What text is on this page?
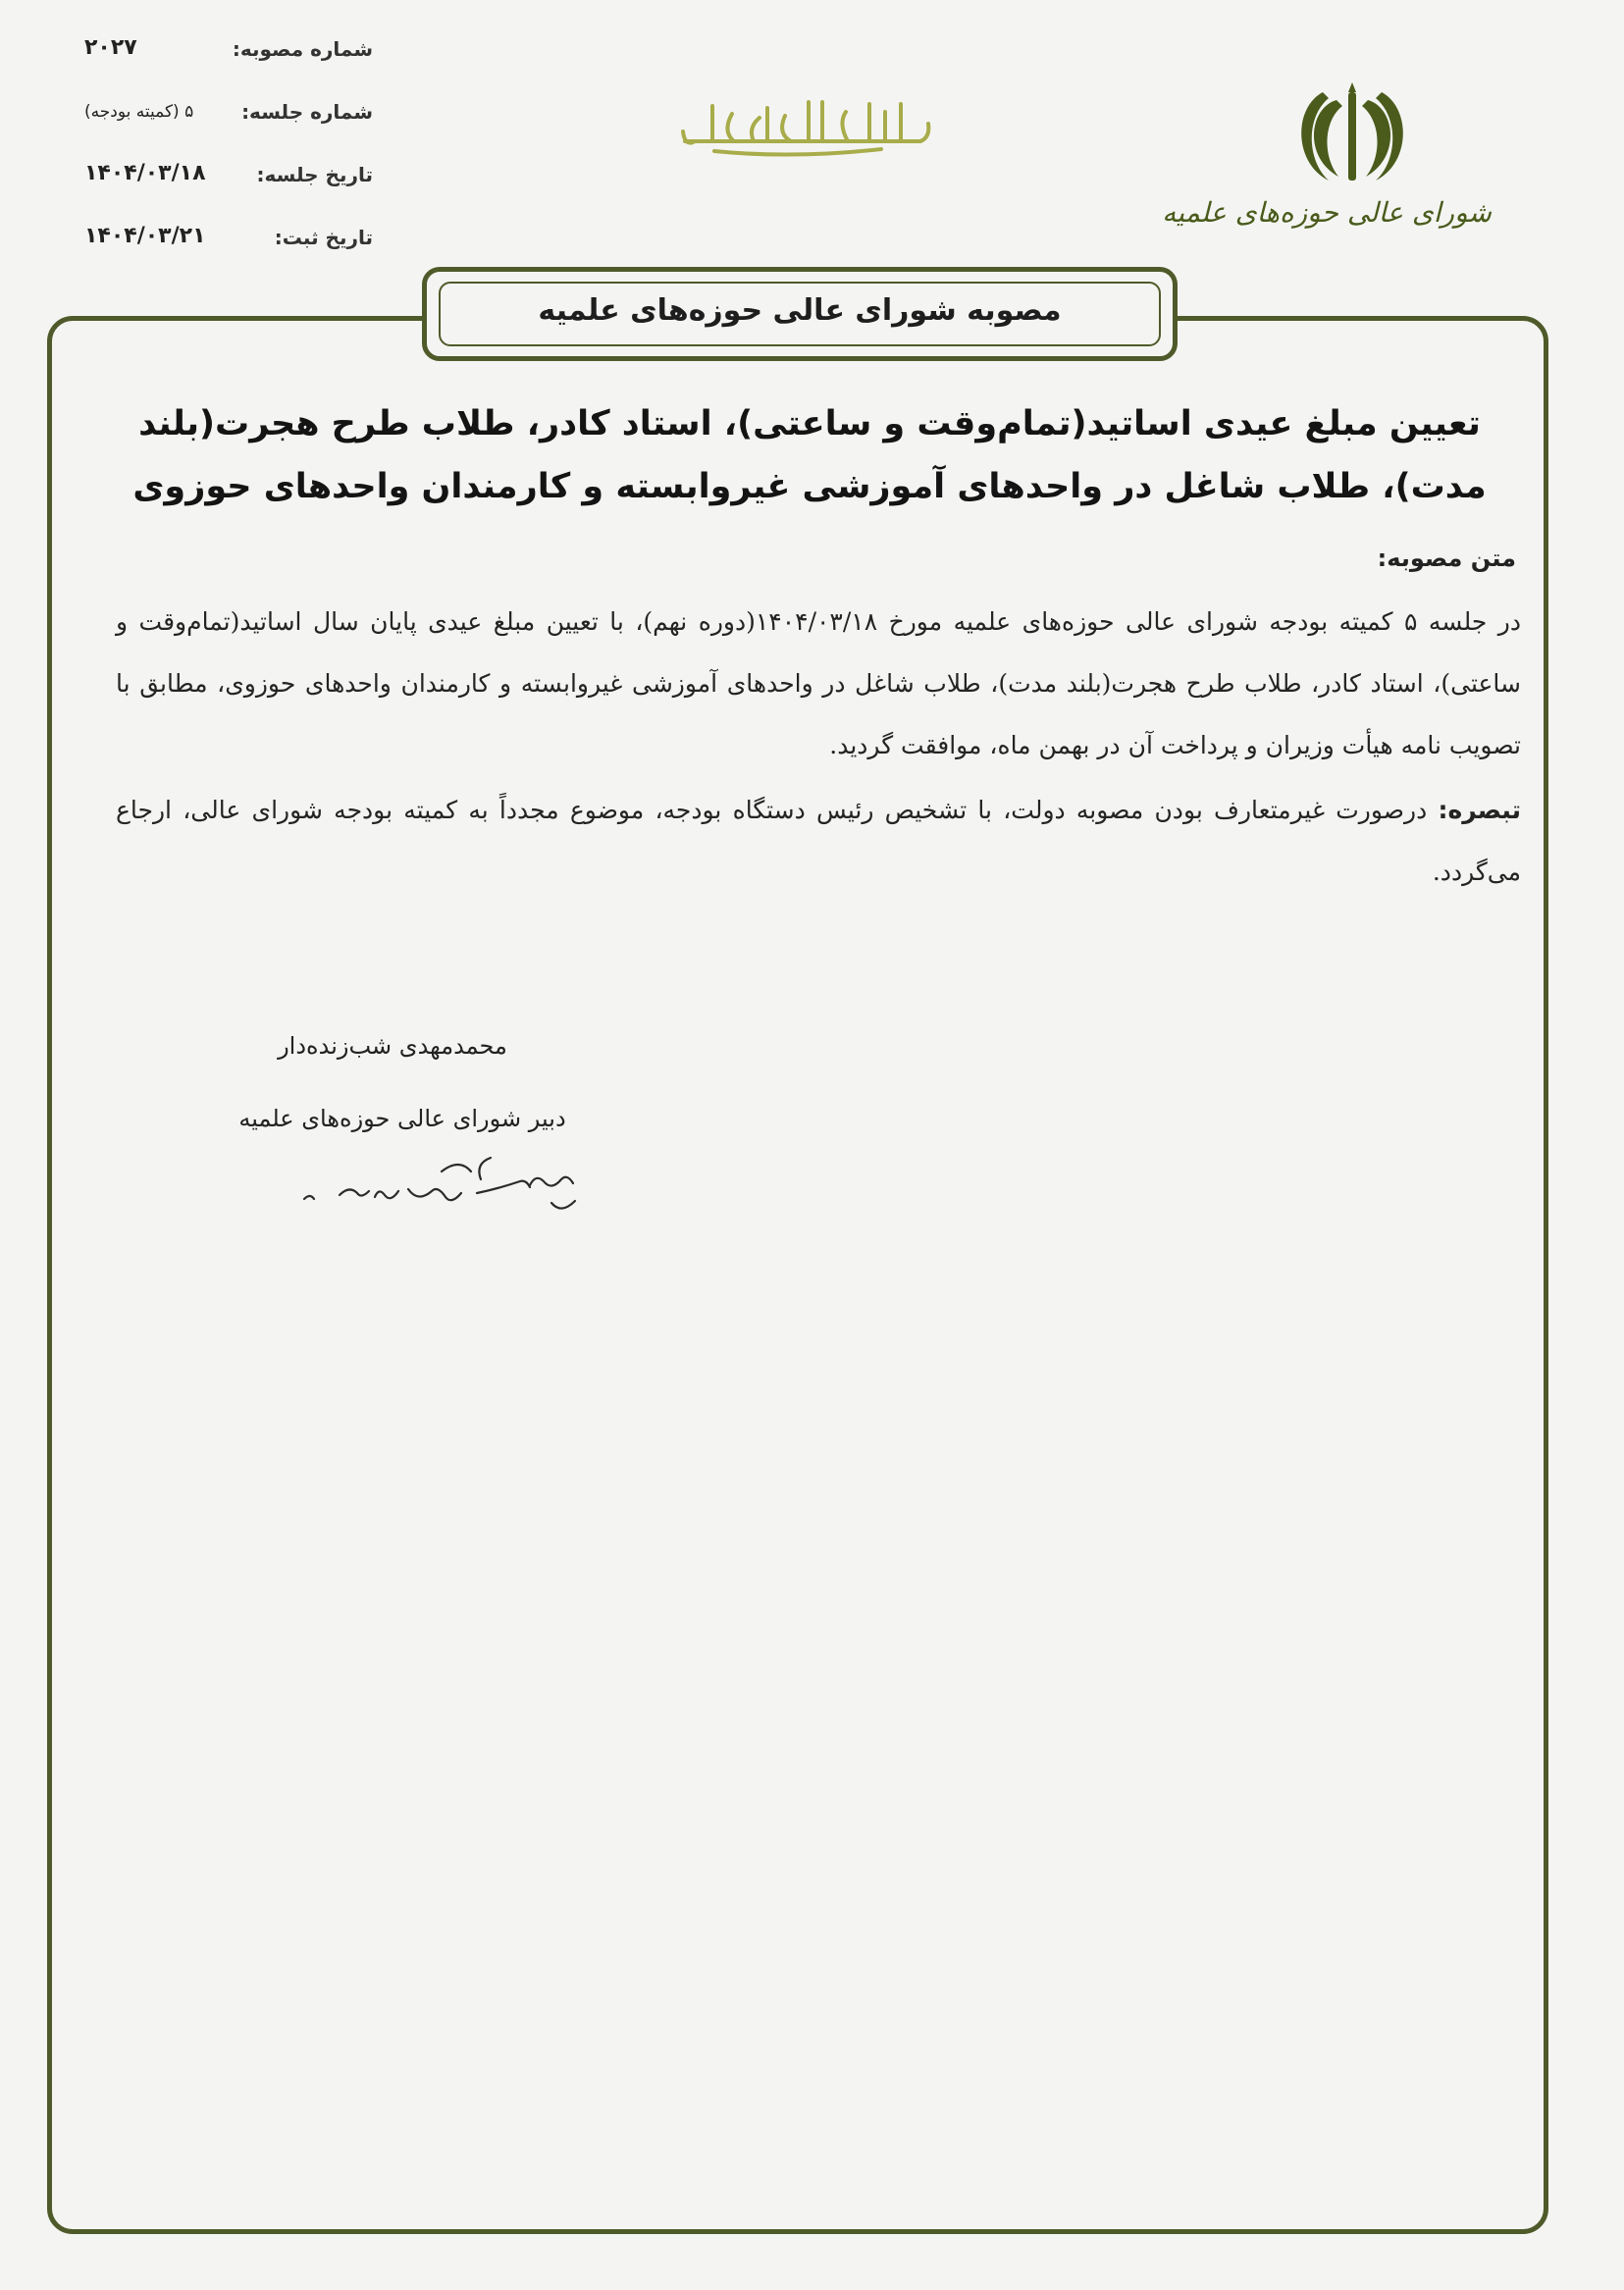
شماره مصوبه:
۲۰۲۷
شماره جلسه:
۵ (کمیته بودجه)
تاریخ جلسه:
۱۴۰۴/۰۳/۱۸
تاریخ ثبت:
۱۴۰۴/۰۳/۲۱
شورای عالی حوزه‌های علمیه
مصوبه شورای عالی حوزه‌های علمیه
تعیین مبلغ عیدی اساتید(تمام‌وقت و ساعتی)، استاد کادر، طلاب طرح هجرت(بلند مدت)، طلاب شاغل در واحدهای آموزشی غیروابسته و کارمندان واحدهای حوزوی
متن مصوبه:
در جلسه ۵ کمیته بودجه شورای عالی حوزه‌های علمیه مورخ ۱۴۰۴/۰۳/۱۸(دوره نهم)، با تعیین مبلغ عیدی پایان سال اساتید(تمام‌وقت و ساعتی)، استاد کادر، طلاب طرح هجرت(بلند مدت)، طلاب شاغل در واحدهای آموزشی غیروابسته و کارمندان واحدهای حوزوی، مطابق با تصویب نامه هیأت وزیران و پرداخت آن در بهمن ماه، موافقت گردید.
تبصره: درصورت غیرمتعارف بودن مصوبه دولت، با تشخیص رئیس دستگاه بودجه، موضوع مجدداً به کمیته بودجه شورای عالی، ارجاع می‌گردد.
محمدمهدی شب‌زنده‌دار
دبیر شورای عالی حوزه‌های علمیه
